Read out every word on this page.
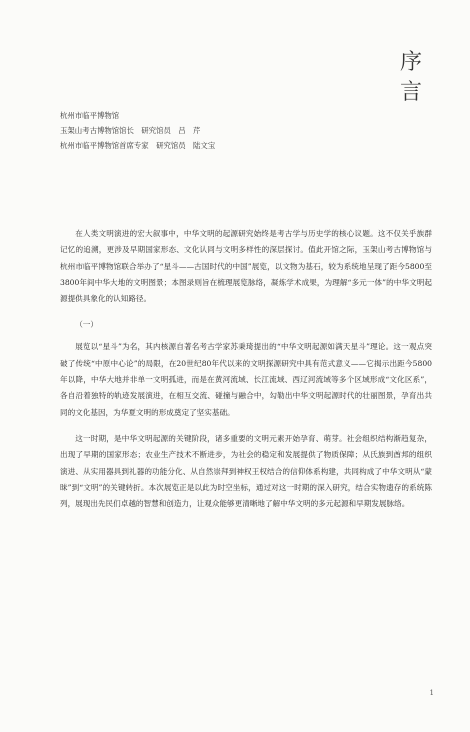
序
言
杭州市临平博物馆
玉架山考古博物馆馆长　研究馆员　吕　芹
杭州市临平博物馆首席专家　研究馆员　陆文宝

在人类文明演进的宏大叙事中，中华文明的起源研究始终是考古学与历史学的核心议题。这不仅关乎族群记忆的追溯，更涉及早期国家形态、文化认同与文明多样性的深层探讨。值此开馆之际，玉架山考古博物馆与杭州市临平博物馆联合举办了“星斗——古国时代的中国”展览，以文物为基石，较为系统地呈现了距今5800至3800年间中华大地的文明图景；本图录则旨在梳理展览脉络，凝炼学术成果，为理解“多元一体”的中华文明起源提供具象化的认知路径。

（一）

展览以“星斗”为名，其内核源自著名考古学家苏秉琦提出的“中华文明起源如满天星斗”理论。这一观点突破了传统“中原中心论”的局限，在20世纪80年代以来的文明探源研究中具有范式意义——它揭示出距今5800年以降，中华大地并非单一文明孤进，而是在黄河流域、长江流域、西辽河流域等多个区域形成“文化区系”，各自沿着独特的轨迹发展演进，在相互交流、碰撞与融合中，勾勒出中华文明起源时代的壮丽图景，孕育出共同的文化基因，为华夏文明的形成奠定了坚实基础。

这一时期，是中华文明起源的关键阶段，诸多重要的文明元素开始孕育、萌芽。社会组织结构渐趋复杂，出现了早期的国家形态；农业生产技术不断进步，为社会的稳定和发展提供了物质保障；从氏族到酋邦的组织演进、从实用器具到礼器的功能分化、从自然崇拜到神权王权结合的信仰体系构建，共同构成了中华文明从“蒙昧”到“文明”的关键转折。本次展览正是以此为时空坐标，通过对这一时期的深入研究，结合实物遗存的系统陈列，展现出先民们卓越的智慧和创造力，让观众能够更清晰地了解中华文明的多元起源和早期发展脉络。

1
